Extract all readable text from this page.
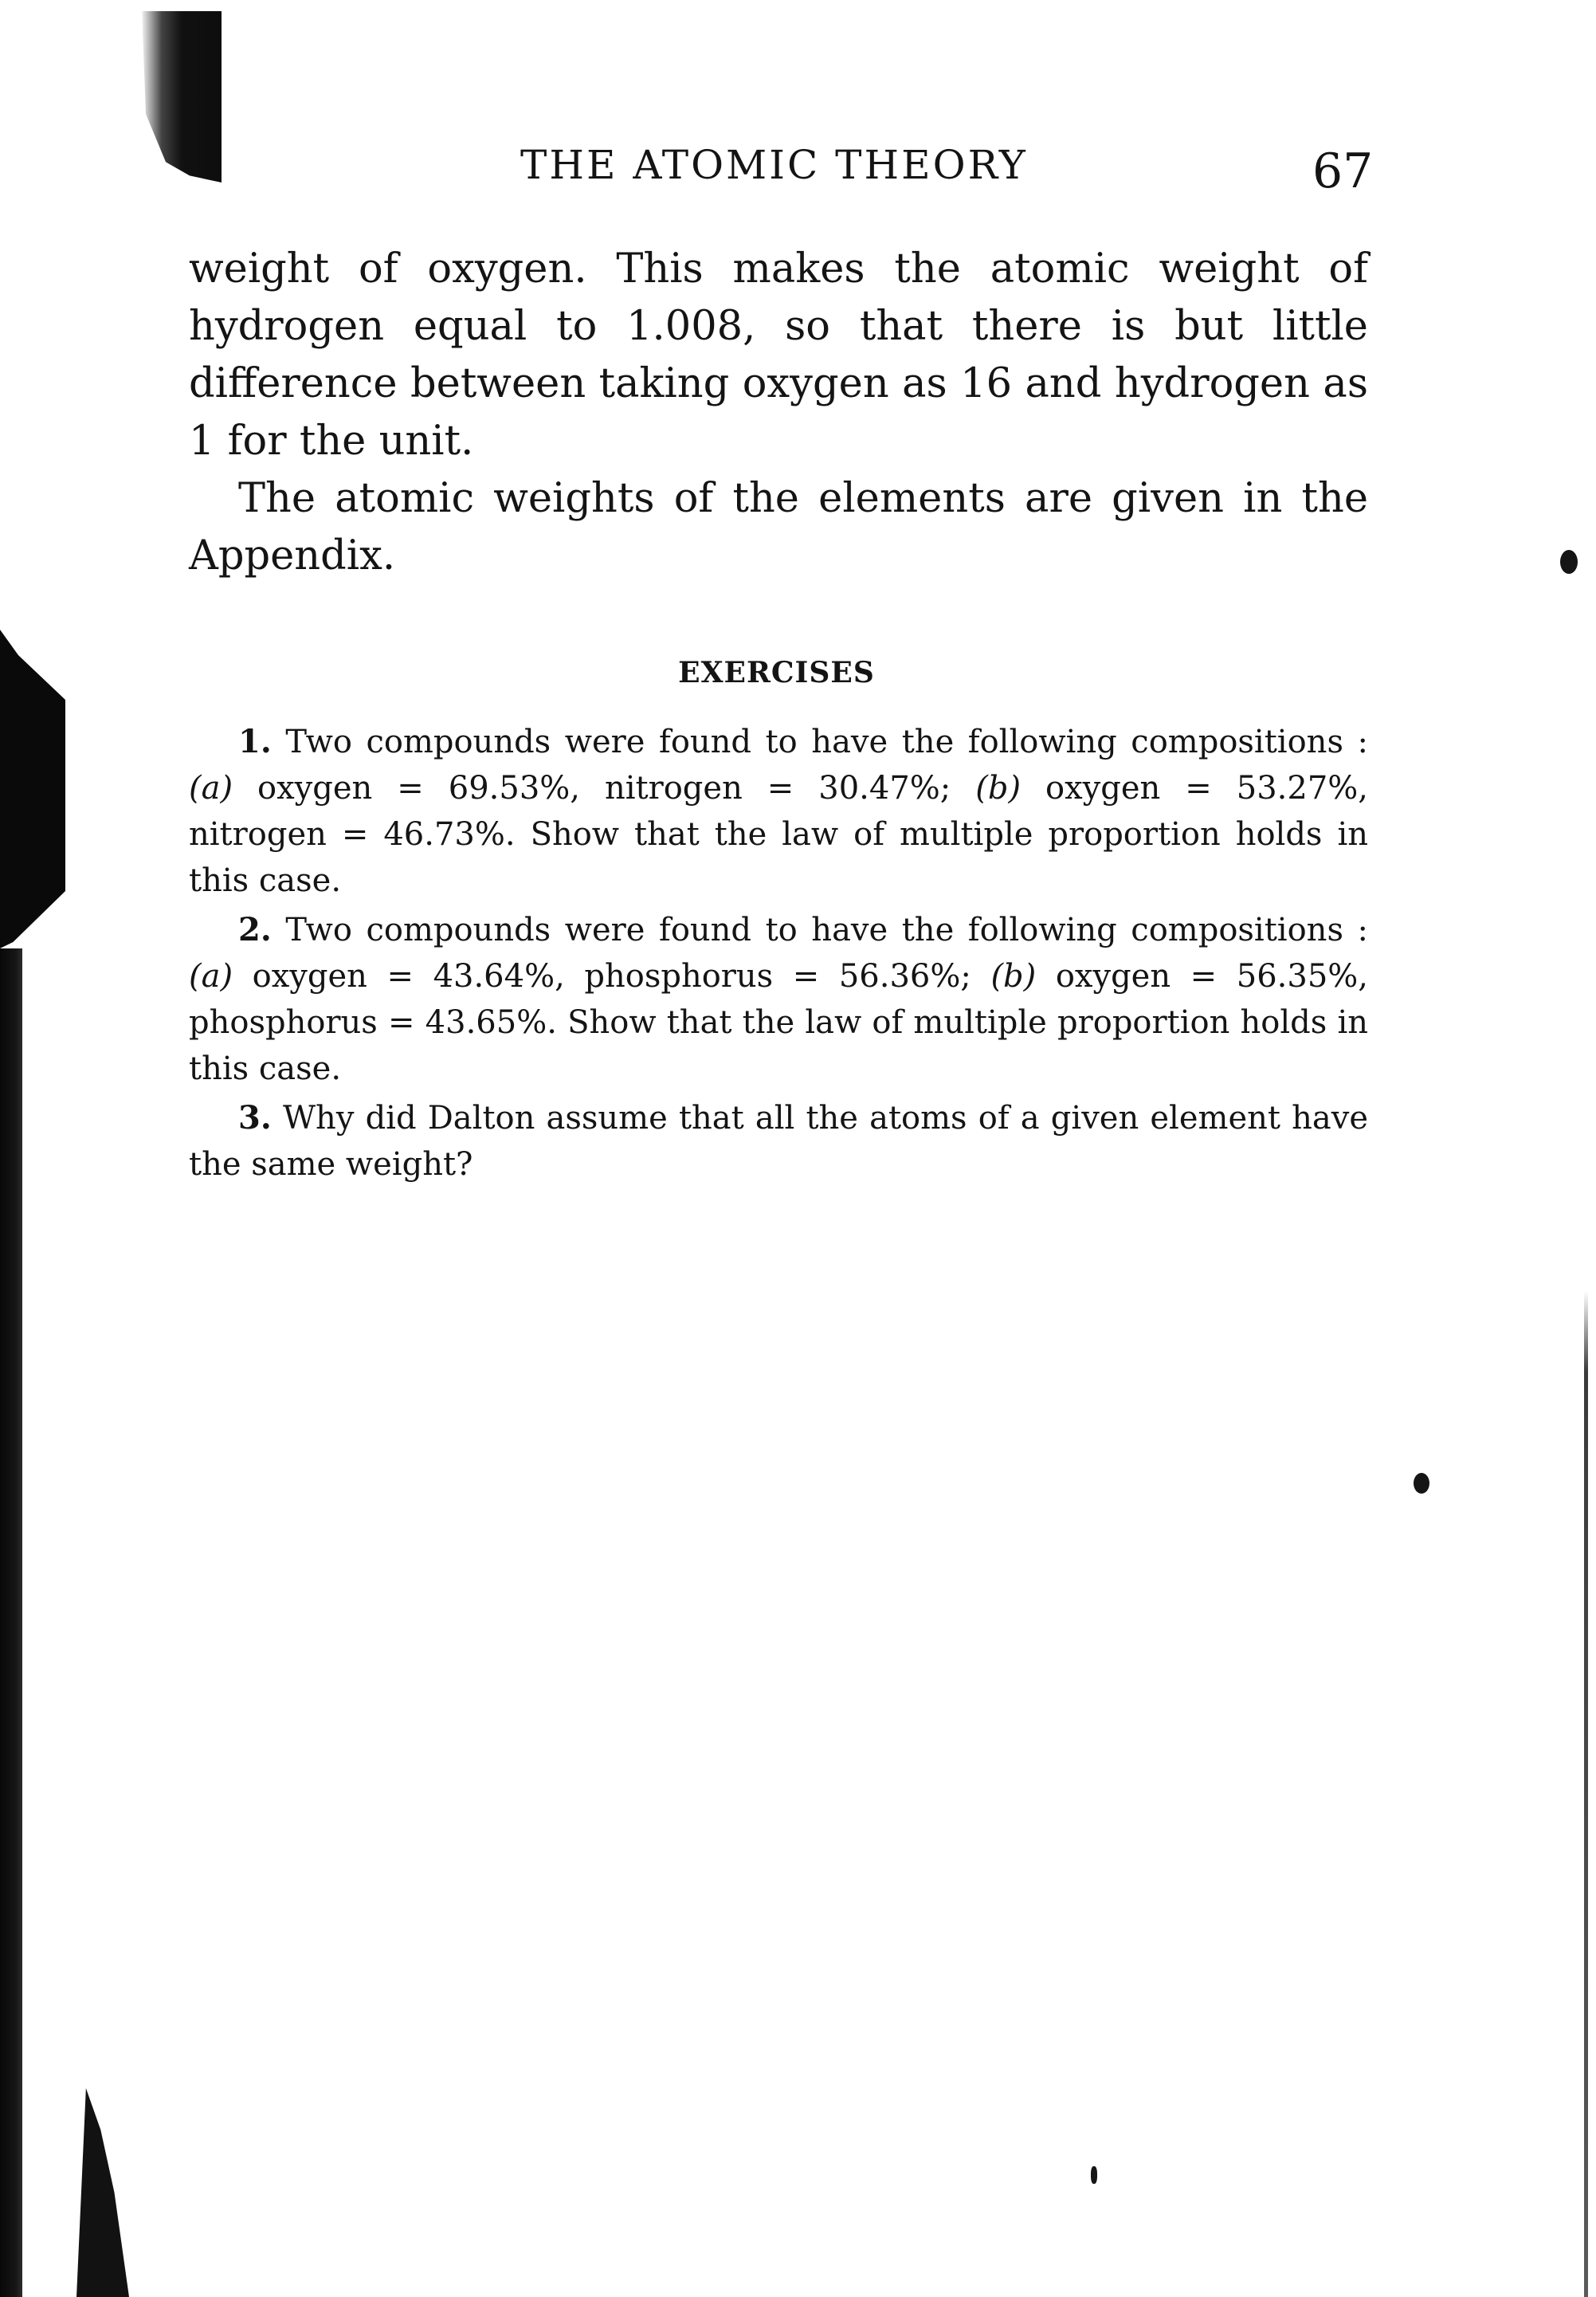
THE ATOMIC THEORY	67

weight of oxygen. This makes the atomic weight of hydrogen equal to 1.008, so that there is but little difference between taking oxygen as 16 and hydrogen as 1 for the unit.

The atomic weights of the elements are given in the Appendix.

EXERCISES

1. Two compounds were found to have the following compositions : (a) oxygen = 69.53%, nitrogen = 30.47%; (b) oxygen = 53.27%, nitrogen = 46.73%. Show that the law of multiple proportion holds in this case.

2. Two compounds were found to have the following compositions : (a) oxygen = 43.64%, phosphorus = 56.36%; (b) oxygen = 56.35%, phosphorus = 43.65%. Show that the law of multiple proportion holds in this case.

3. Why did Dalton assume that all the atoms of a given element have the same weight?
